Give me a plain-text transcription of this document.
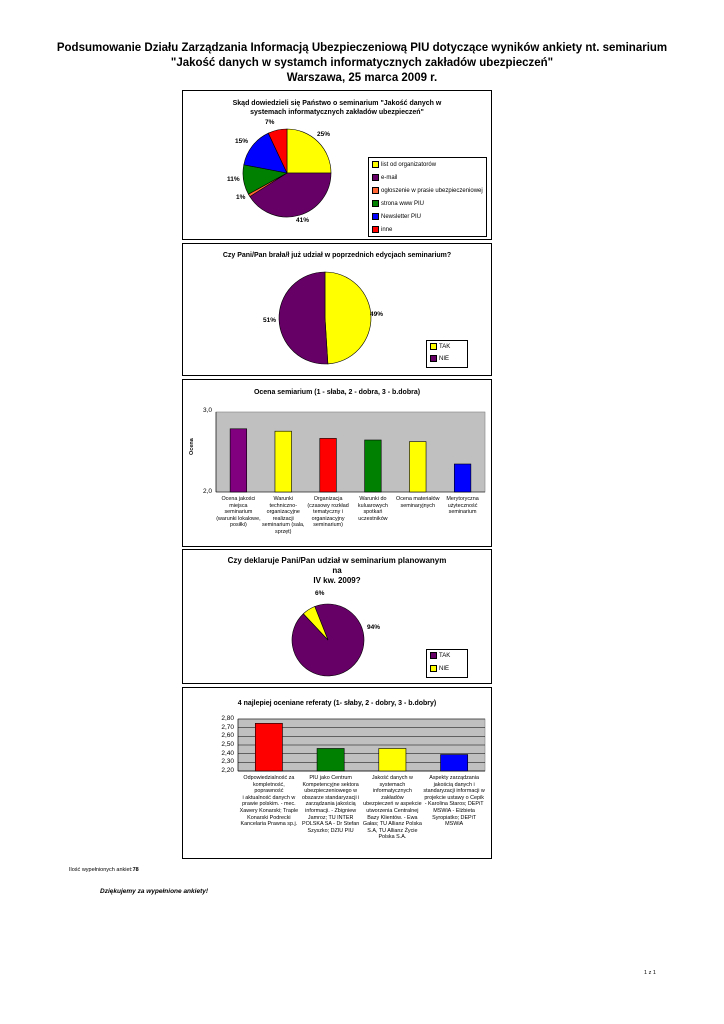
Podsumowanie Działu Zarządzania Informacją Ubezpieczeniową PIU dotyczące wyników ankiety nt. seminarium
"Jakość danych w systamch informatycznych zakładów ubezpieczeń"
Warszawa, 25 marca 2009 r.
Skąd dowiedzieli się Państwo o seminarium "Jakość danych w
systemach informatycznych zakładów ubezpieczeń"
7%
25%
15%
11%
1%
41%
list od organizatorów
e-mail
ogłoszenie w prasie ubezpieczeniowej
strona www PIU
Newsletter PIU
inne
Czy Pani/Pan brała/ł już udział w poprzednich edycjach seminarium?
49%
51%
TAK
NIE
Ocena semiarium (1 - słaba, 2 - dobra, 3 - b.dobra)
3,0
2,0
Ocena
Ocena jakości
miejsca
seminarium
(warunki lokalowe,
posiłki)
Warunki
techniczno-
organizacyjne
realizacji
seminarium (sala,
sprzęt)
Organizacja
(czasowy rozkład
tematyczny i
organizacyjny
seminarium)
Warunki do
kuluarowych
spotkań
uczestników
Ocena materiałów
seminaryjnych
Merytoryczna
użyteczność
seminarium
Czy deklaruje Pani/Pan udział w seminarium planowanym
na
IV kw. 2009?
6%
94%
TAK
NIE
4 najlepiej oceniane referaty (1- słaby, 2 - dobry, 3 - b.dobry)
2,80
2,70
2,60
2,50
2,40
2,30
2,20
Odpowiedzialność za
kompletność, poprawność
i aktualność danych w
prawie polskim. - mec.
Xawery Konarski; Traple
Konarski Podrecki
Kancelaria Prawna sp.j.
PIU jako Centrum
Kompetencyjne sektora
ubezpieczeniowego w
obszarze standaryzacji i
zarządzania jakością
informacji. - Zbigniew
Jamroz; TU INTER
POLSKA SA - Dr Stefan
Szyszko; DZIU PIU
Jakość danych w
systemach
informatycznych zakładów
ubezpieczeń w aspekcie
utworzenia Centralnej
Bazy Klientów. - Ewa
Gałas; TU Allianz Polska
S.A, TU Allianz Życie
Polska S.A.
Aspekty zarządzania
jakością danych i
standaryzacji informacji w
projekcie ustawy o Cepik
- Karolina Staros; DEPiT
MSWiA - Elżbieta
Syropiatko; DEPiT
MSWiA
Ilość wypełnionych ankiet:78
Dziękujemy za wypełnione ankiety!
1 z 1
